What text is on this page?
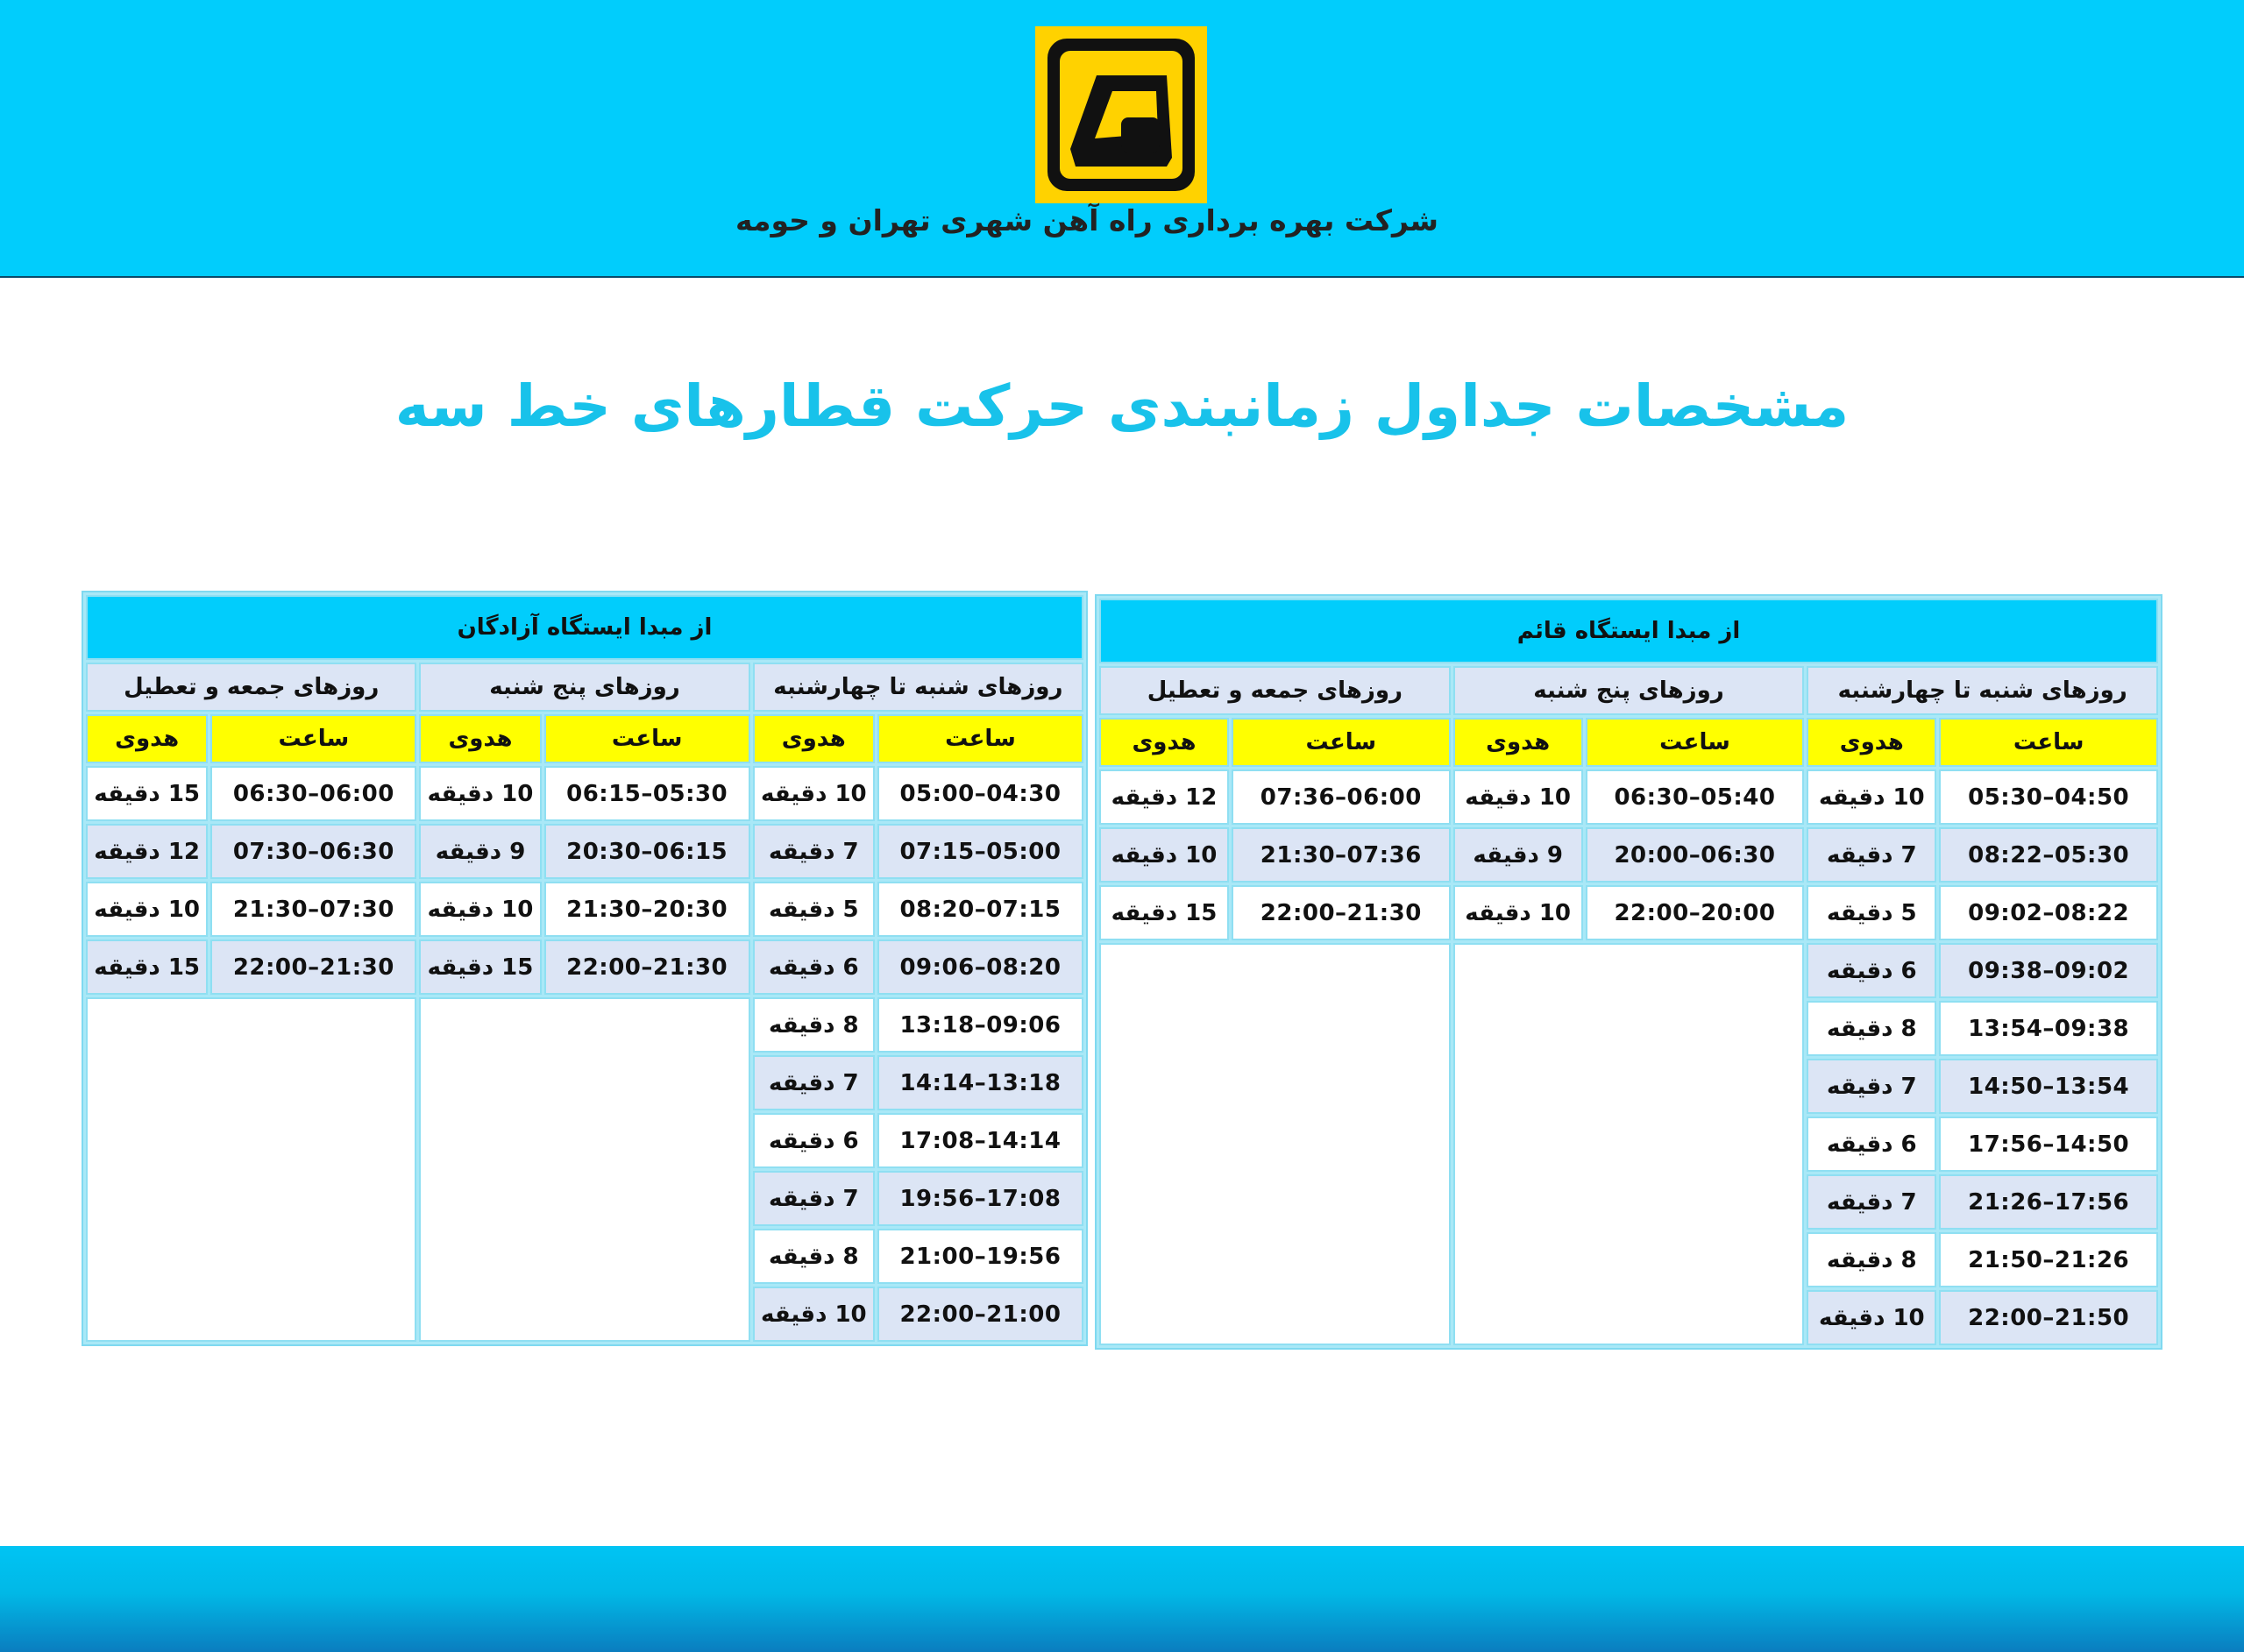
شرکت بهره برداری راه آهن شهری تهران و حومه
مشخصات جداول زمانبندی حرکت قطارهای خط سه
از مبدا ایستگاه قائم					
روزهای شنبه تا چهارشنبه		روزهای پنج شنبه		روزهای جمعه و تعطیل	
ساعت	هدوی	ساعت	هدوی	ساعت	هدوی
05:30–04:50	10 دقیقه	06:30–05:40	10 دقیقه	07:36–06:00	12 دقیقه
08:22–05:30	7 دقیقه	20:00–06:30	9 دقیقه	21:30–07:36	10 دقیقه
09:02–08:22	5 دقیقه	22:00–20:00	10 دقیقه	22:00–21:30	15 دقیقه
09:38–09:02	6 دقیقه				
13:54–09:38	8 دقیقه				
14:50–13:54	7 دقیقه				
17:56–14:50	6 دقیقه				
21:26–17:56	7 دقیقه				
21:50–21:26	8 دقیقه				
22:00–21:50	10 دقیقه				
از مبدا ایستگاه آزادگان					
روزهای شنبه تا چهارشنبه		روزهای پنج شنبه		روزهای جمعه و تعطیل	
ساعت	هدوی	ساعت	هدوی	ساعت	هدوی
05:00–04:30	10 دقیقه	06:15–05:30	10 دقیقه	06:30–06:00	15 دقیقه
07:15–05:00	7 دقیقه	20:30–06:15	9 دقیقه	07:30–06:30	12 دقیقه
08:20–07:15	5 دقیقه	21:30–20:30	10 دقیقه	21:30–07:30	10 دقیقه
09:06–08:20	6 دقیقه	22:00–21:30	15 دقیقه	22:00–21:30	15 دقیقه
13:18–09:06	8 دقیقه				
14:14–13:18	7 دقیقه				
17:08–14:14	6 دقیقه				
19:56–17:08	7 دقیقه				
21:00–19:56	8 دقیقه				
22:00–21:00	10 دقیقه				
